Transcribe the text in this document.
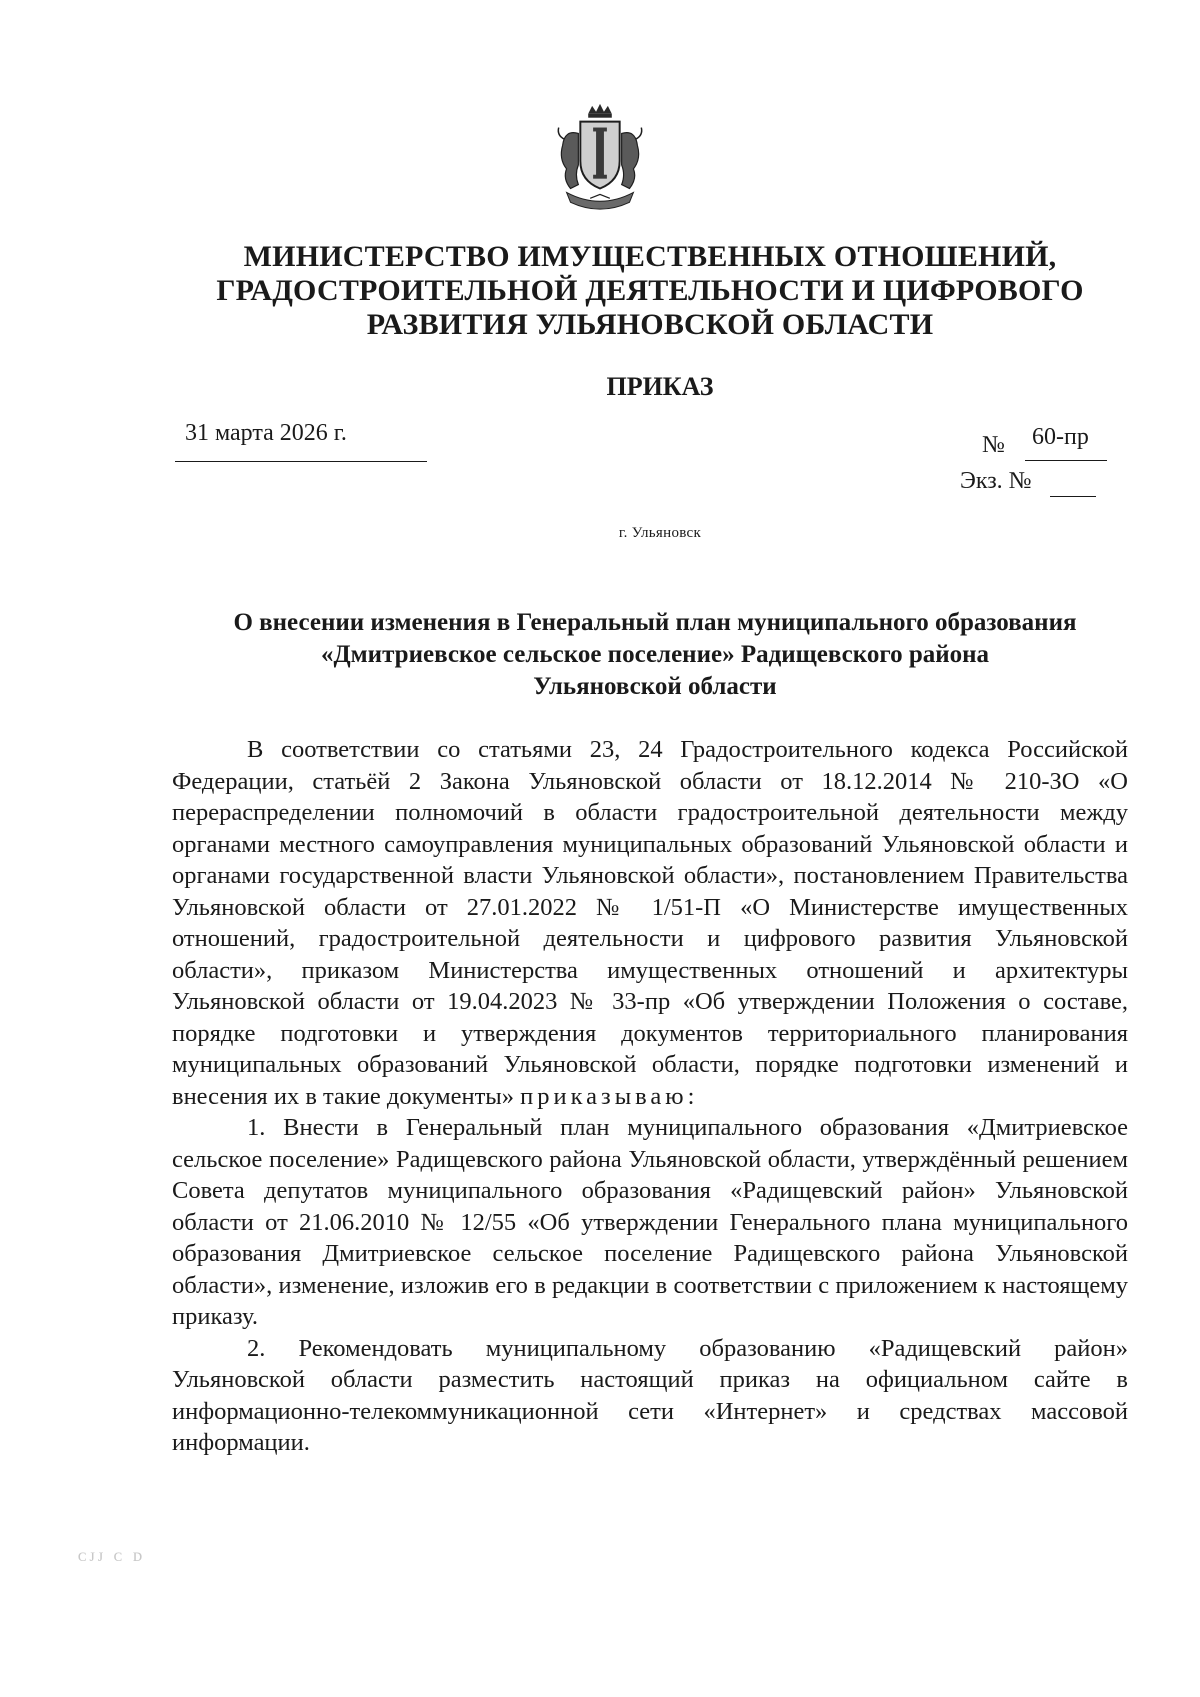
МИНИСТЕРСТВО ИМУЩЕСТВЕННЫХ ОТНОШЕНИЙ,
ГРАДОСТРОИТЕЛЬНОЙ ДЕЯТЕЛЬНОСТИ И ЦИФРОВОГО
РАЗВИТИЯ УЛЬЯНОВСКОЙ ОБЛАСТИ
ПРИКАЗ
31 марта 2026 г.	№ 60-пр
Экз. №
г. Ульяновск
О внесении изменения в Генеральный план муниципального образования
«Дмитриевское сельское поселение» Радищевского района
Ульяновской области

В соответствии со статьями 23, 24 Градостроительного кодекса Российской Федерации, статьёй 2 Закона Ульяновской области от 18.12.2014 № 210-ЗО «О перераспределении полномочий в области градостроительной деятельности между органами местного самоуправления муниципальных образований Ульяновской области и органами государственной власти Ульяновской области», постановлением Правительства Ульяновской области от 27.01.2022 № 1/51-П «О Министерстве имущественных отношений, градостроительной деятельности и цифрового развития Ульяновской области», приказом Министерства имущественных отношений и архитектуры Ульяновской области от 19.04.2023 № 33-пр «Об утверждении Положения о составе, порядке подготовки и утверждения документов территориального планирования муниципальных образований Ульяновской области, порядке подготовки изменений и внесения их в такие документы» приказываю:

1. Внести в Генеральный план муниципального образования «Дмитриевское сельское поселение» Радищевского района Ульяновской области, утверждённый решением Совета депутатов муниципального образования «Радищевский район» Ульяновской области от 21.06.2010 № 12/55 «Об утверждении Генерального плана муниципального образования Дмитриевское сельское поселение Радищевского района Ульяновской области», изменение, изложив его в редакции в соответствии с приложением к настоящему приказу.

2. Рекомендовать муниципальному образованию «Радищевский район» Ульяновской области разместить настоящий приказ на официальном сайте в информационно-телекоммуникационной сети «Интернет» и средствах массовой информации.

ᴄᴊᴊ ᴄ ᴅ
